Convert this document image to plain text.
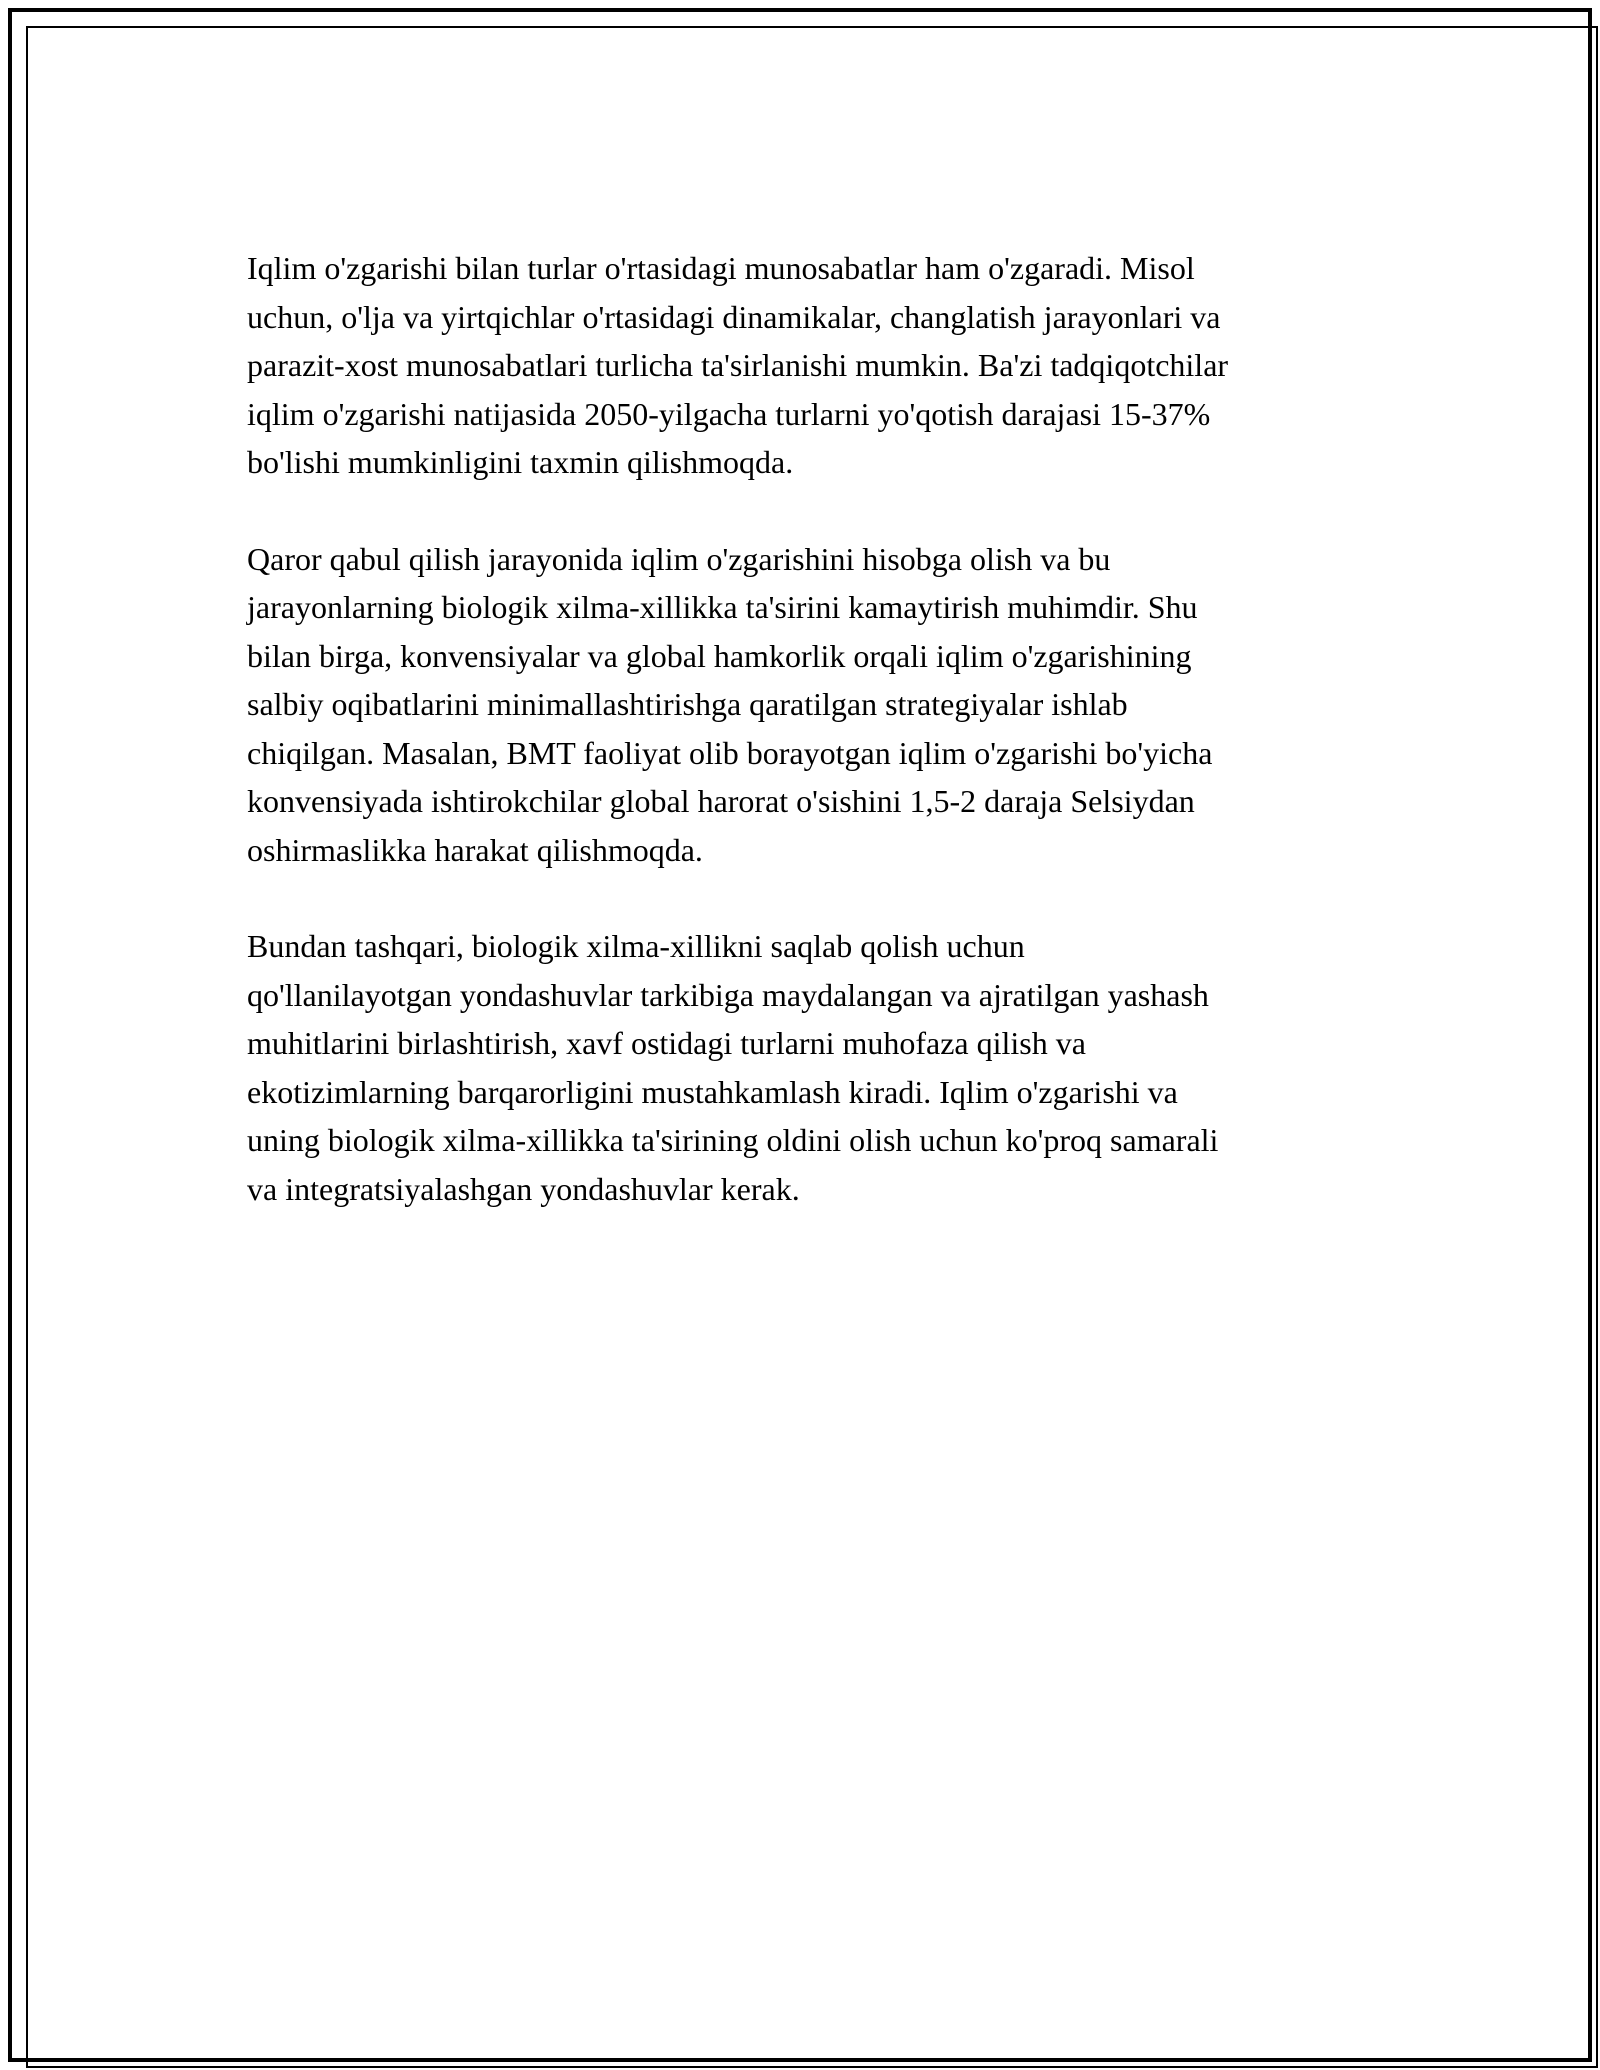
Iqlim o'zgarishi bilan turlar o'rtasidagi munosabatlar ham o'zgaradi. Misol
uchun, o'lja va yirtqichlar o'rtasidagi dinamikalar, changlatish jarayonlari va
parazit-xost munosabatlari turlicha ta'sirlanishi mumkin. Ba'zi tadqiqotchilar
iqlim o'zgarishi natijasida 2050-yilgacha turlarni yo'qotish darajasi 15-37%
bo'lishi mumkinligini taxmin qilishmoqda.

Qaror qabul qilish jarayonida iqlim o'zgarishini hisobga olish va bu
jarayonlarning biologik xilma-xillikka ta'sirini kamaytirish muhimdir. Shu
bilan birga, konvensiyalar va global hamkorlik orqali iqlim o'zgarishining
salbiy oqibatlarini minimallashtirishga qaratilgan strategiyalar ishlab
chiqilgan. Masalan, BMT faoliyat olib borayotgan iqlim o'zgarishi bo'yicha
konvensiyada ishtirokchilar global harorat o'sishini 1,5-2 daraja Selsiydan
oshirmaslikka harakat qilishmoqda.

Bundan tashqari, biologik xilma-xillikni saqlab qolish uchun
qo'llanilayotgan yondashuvlar tarkibiga maydalangan va ajratilgan yashash
muhitlarini birlashtirish, xavf ostidagi turlarni muhofaza qilish va
ekotizimlarning barqarorligini mustahkamlash kiradi. Iqlim o'zgarishi va
uning biologik xilma-xillikka ta'sirining oldini olish uchun ko'proq samarali
va integratsiyalashgan yondashuvlar kerak.
